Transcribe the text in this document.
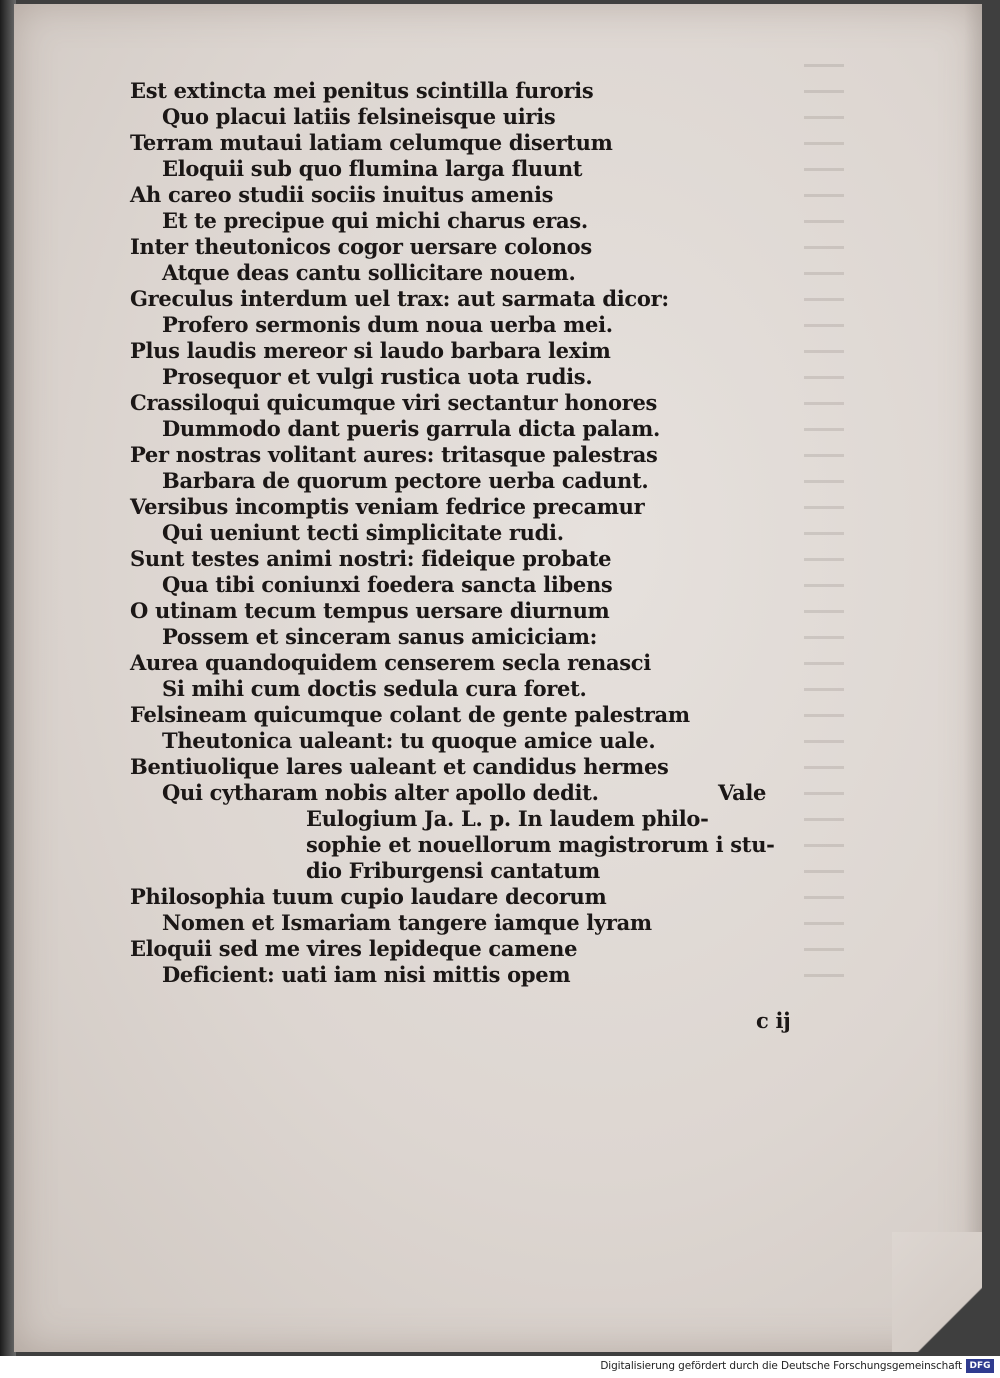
Est extincta mei penitus scintilla furoris
Quo placui latiis felsineisque uiris
Terram mutaui latiam celumque disertum
Eloquii sub quo flumina larga fluunt
Ah careo studii sociis inuitus amenis
Et te precipue qui michi charus eras.
Inter theutonicos cogor uersare colonos
Atque deas cantu sollicitare nouem.
Greculus interdum uel trax: aut sarmata dicor:
Profero sermonis dum noua uerba mei.
Plus laudis mereor si laudo barbara lexim
Prosequor et vulgi rustica uota rudis.
Crassiloqui quicumque viri sectantur honores
Dummodo dant pueris garrula dicta palam.
Per nostras volitant aures: tritasque palestras
Barbara de quorum pectore uerba cadunt.
Versibus incomptis veniam fedrice precamur
Qui ueniunt tecti simplicitate rudi.
Sunt testes animi nostri: fideique probate
Qua tibi coniunxi foedera sancta libens
O utinam tecum tempus uersare diurnum
Possem et sinceram sanus amiciciam:
Aurea quandoquidem censerem secla renasci
Si mihi cum doctis sedula cura foret.
Felsineam quicumque colant de gente palestram
Theutonica ualeant: tu quoque amice uale.
Bentiuolique lares ualeant et candidus hermes
Qui cytharam nobis alter apollo dedit.	Vale
Eulogium Ja. L. p. In laudem philo-
sophie et nouellorum magistrorum i stu-
dio Friburgensi cantatum
Philosophia tuum cupio laudare decorum
Nomen et Ismariam tangere iamque lyram
Eloquii sed me vires lepideque camene
Deficient: uati iam nisi mittis opem
c ij
Digitalisierung gefördert durch die Deutsche Forschungsgemeinschaft DFG
